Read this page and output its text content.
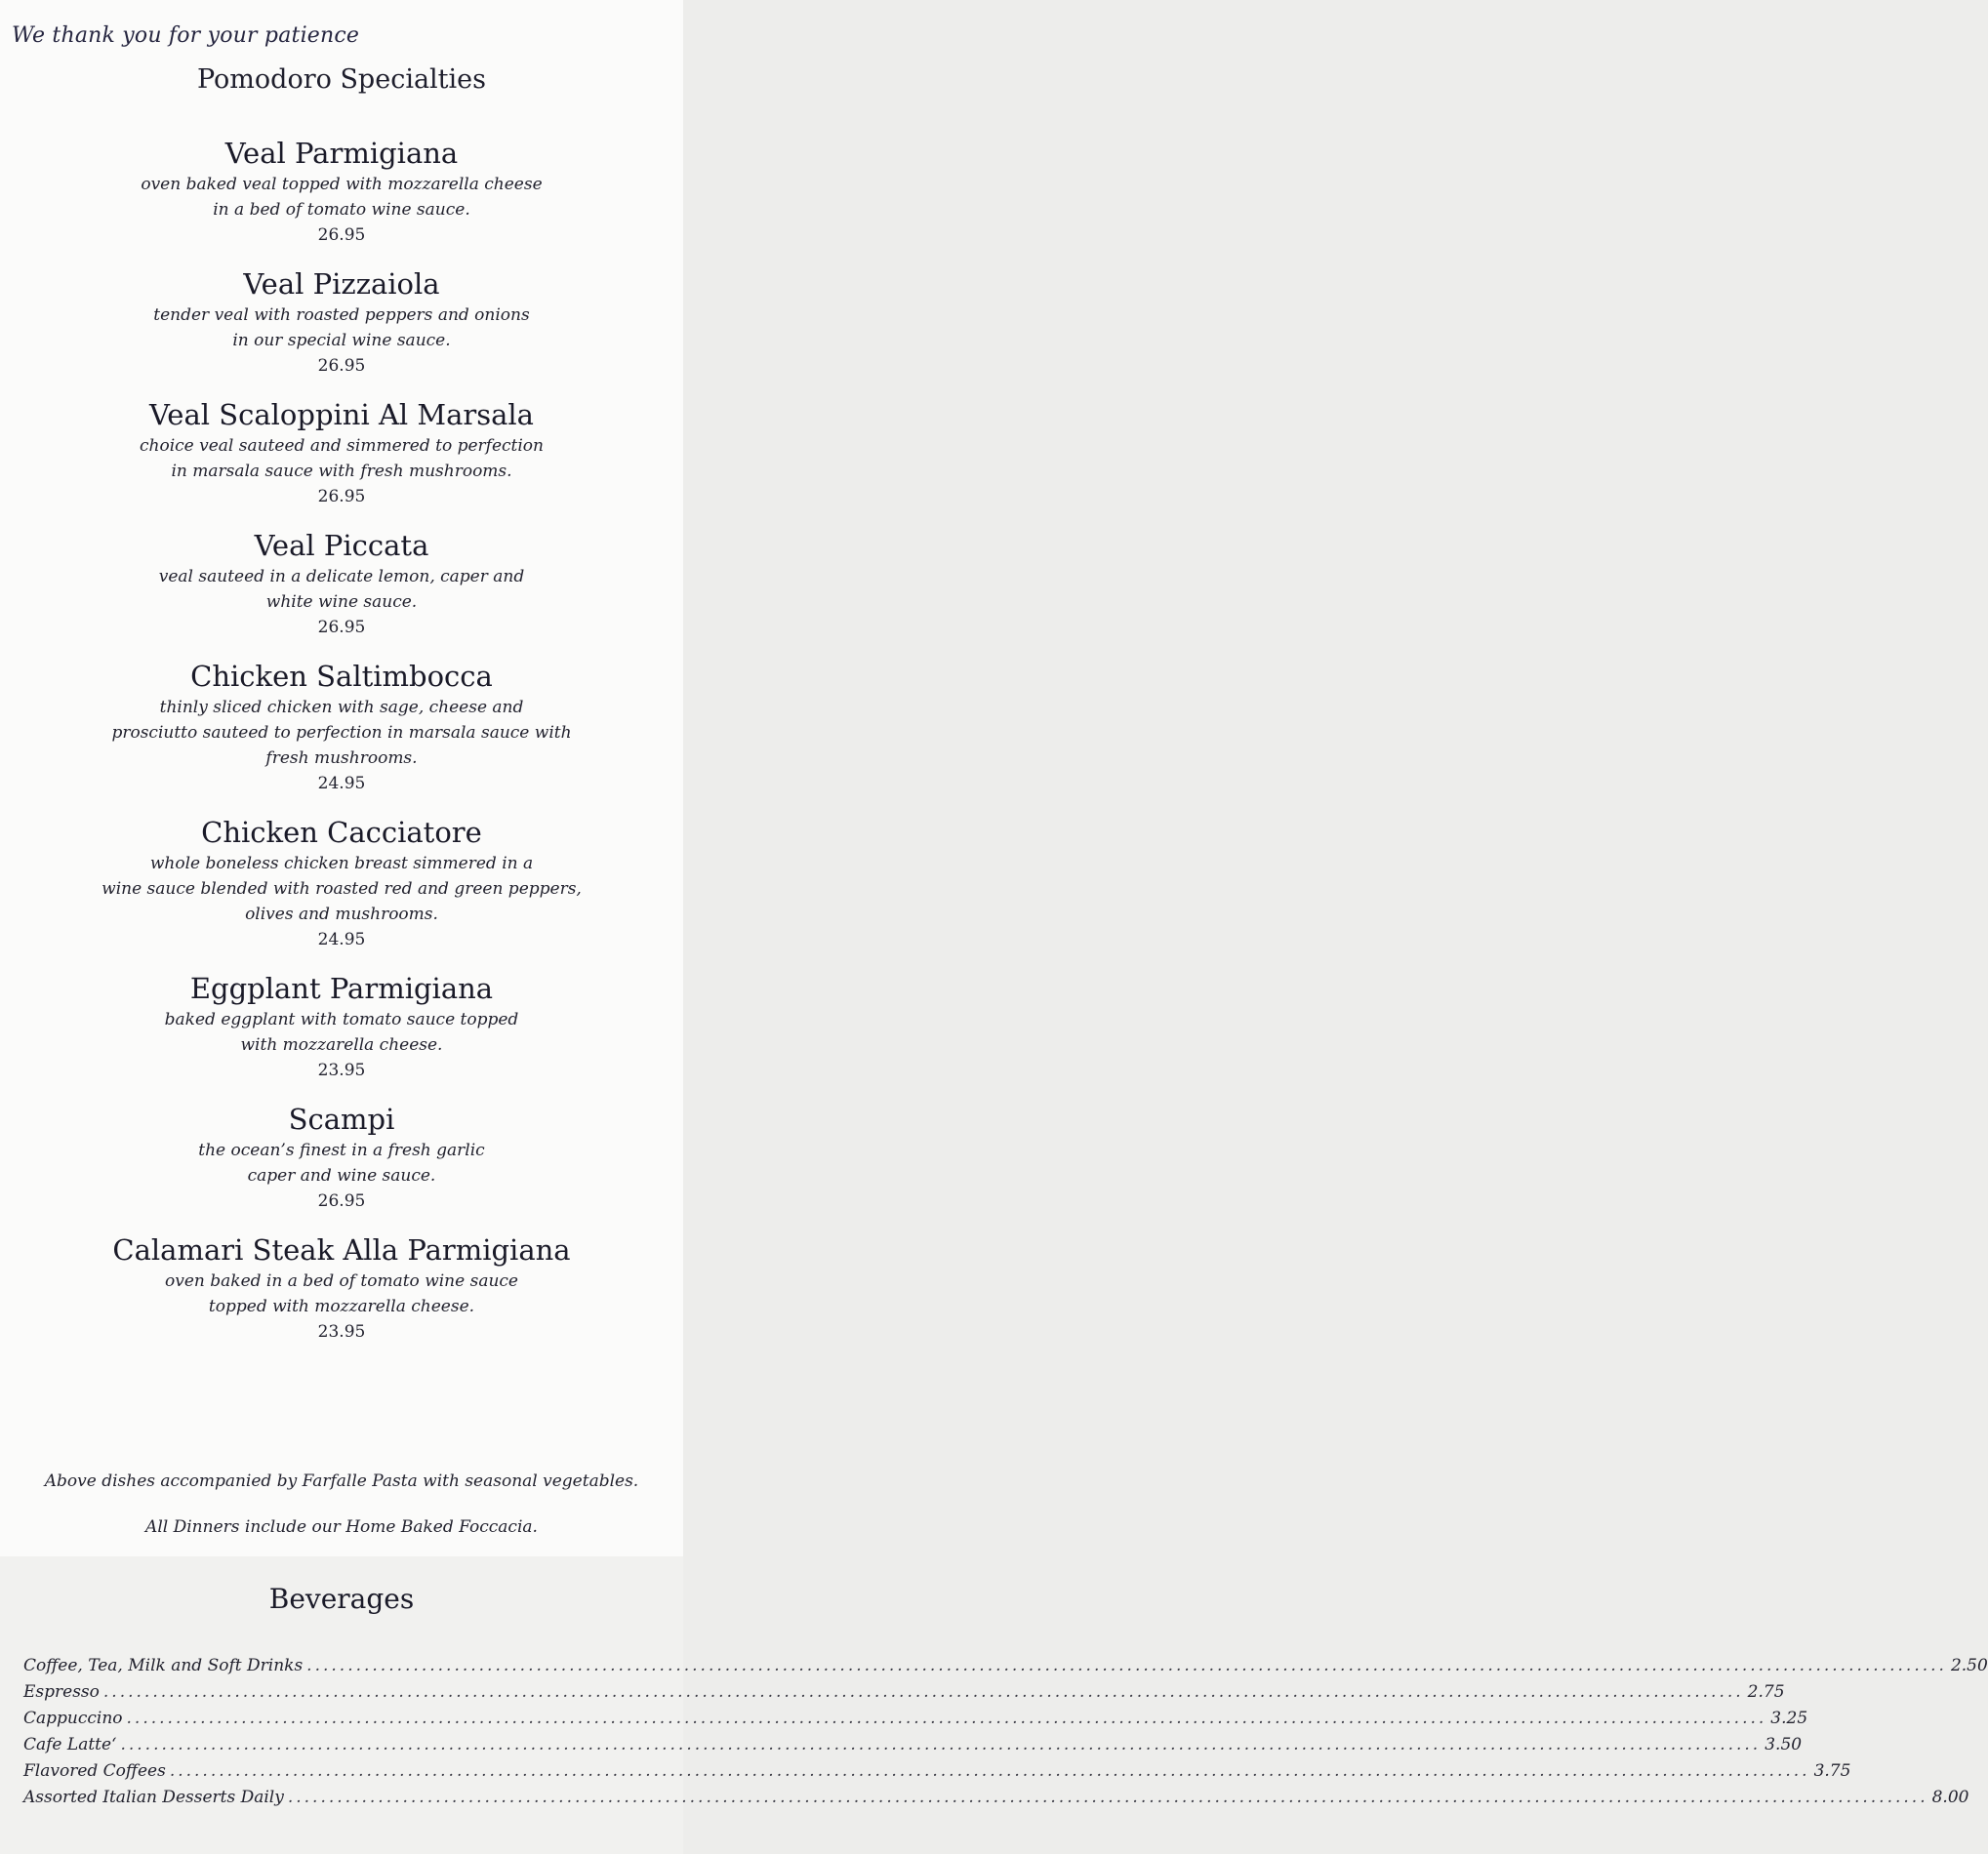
We thank you for your patience
Pomodoro Specialties
Veal Parmigiana
oven baked veal topped with mozzarella cheese
in a bed of tomato wine sauce.
26.95
Veal Pizzaiola
tender veal with roasted peppers and onions
in our special wine sauce.
26.95
Veal Scaloppini Al Marsala
choice veal sauteed and simmered to perfection
in marsala sauce with fresh mushrooms.
26.95
Veal Piccata
veal sauteed in a delicate lemon, caper and
white wine sauce.
26.95
Chicken Saltimbocca
thinly sliced chicken with sage, cheese and
prosciutto sauteed to perfection in marsala sauce with
fresh mushrooms.
24.95
Chicken Cacciatore
whole boneless chicken breast simmered in a
wine sauce blended with roasted red and green peppers,
olives and mushrooms.
24.95
Eggplant Parmigiana
baked eggplant with tomato sauce topped
with mozzarella cheese.
23.95
Scampi
the ocean’s finest in a fresh garlic
caper and wine sauce.
26.95
Calamari Steak Alla Parmigiana
oven baked in a bed of tomato wine sauce
topped with mozzarella cheese.
23.95
Above dishes accompanied by Farfalle Pasta with seasonal vegetables.
All Dinners include our Home Baked Foccacia.
Beverages
Coffee, Tea, Milk and Soft Drinks ........................................................................................................................................................................................................ 2.50
Espresso ........................................................................................................................................................................................................ 2.75
Cappuccino ........................................................................................................................................................................................................ 3.25
Cafe Latte‘ ........................................................................................................................................................................................................ 3.50
Flavored Coffees ........................................................................................................................................................................................................ 3.75
Assorted Italian Desserts Daily ........................................................................................................................................................................................................ 8.00
